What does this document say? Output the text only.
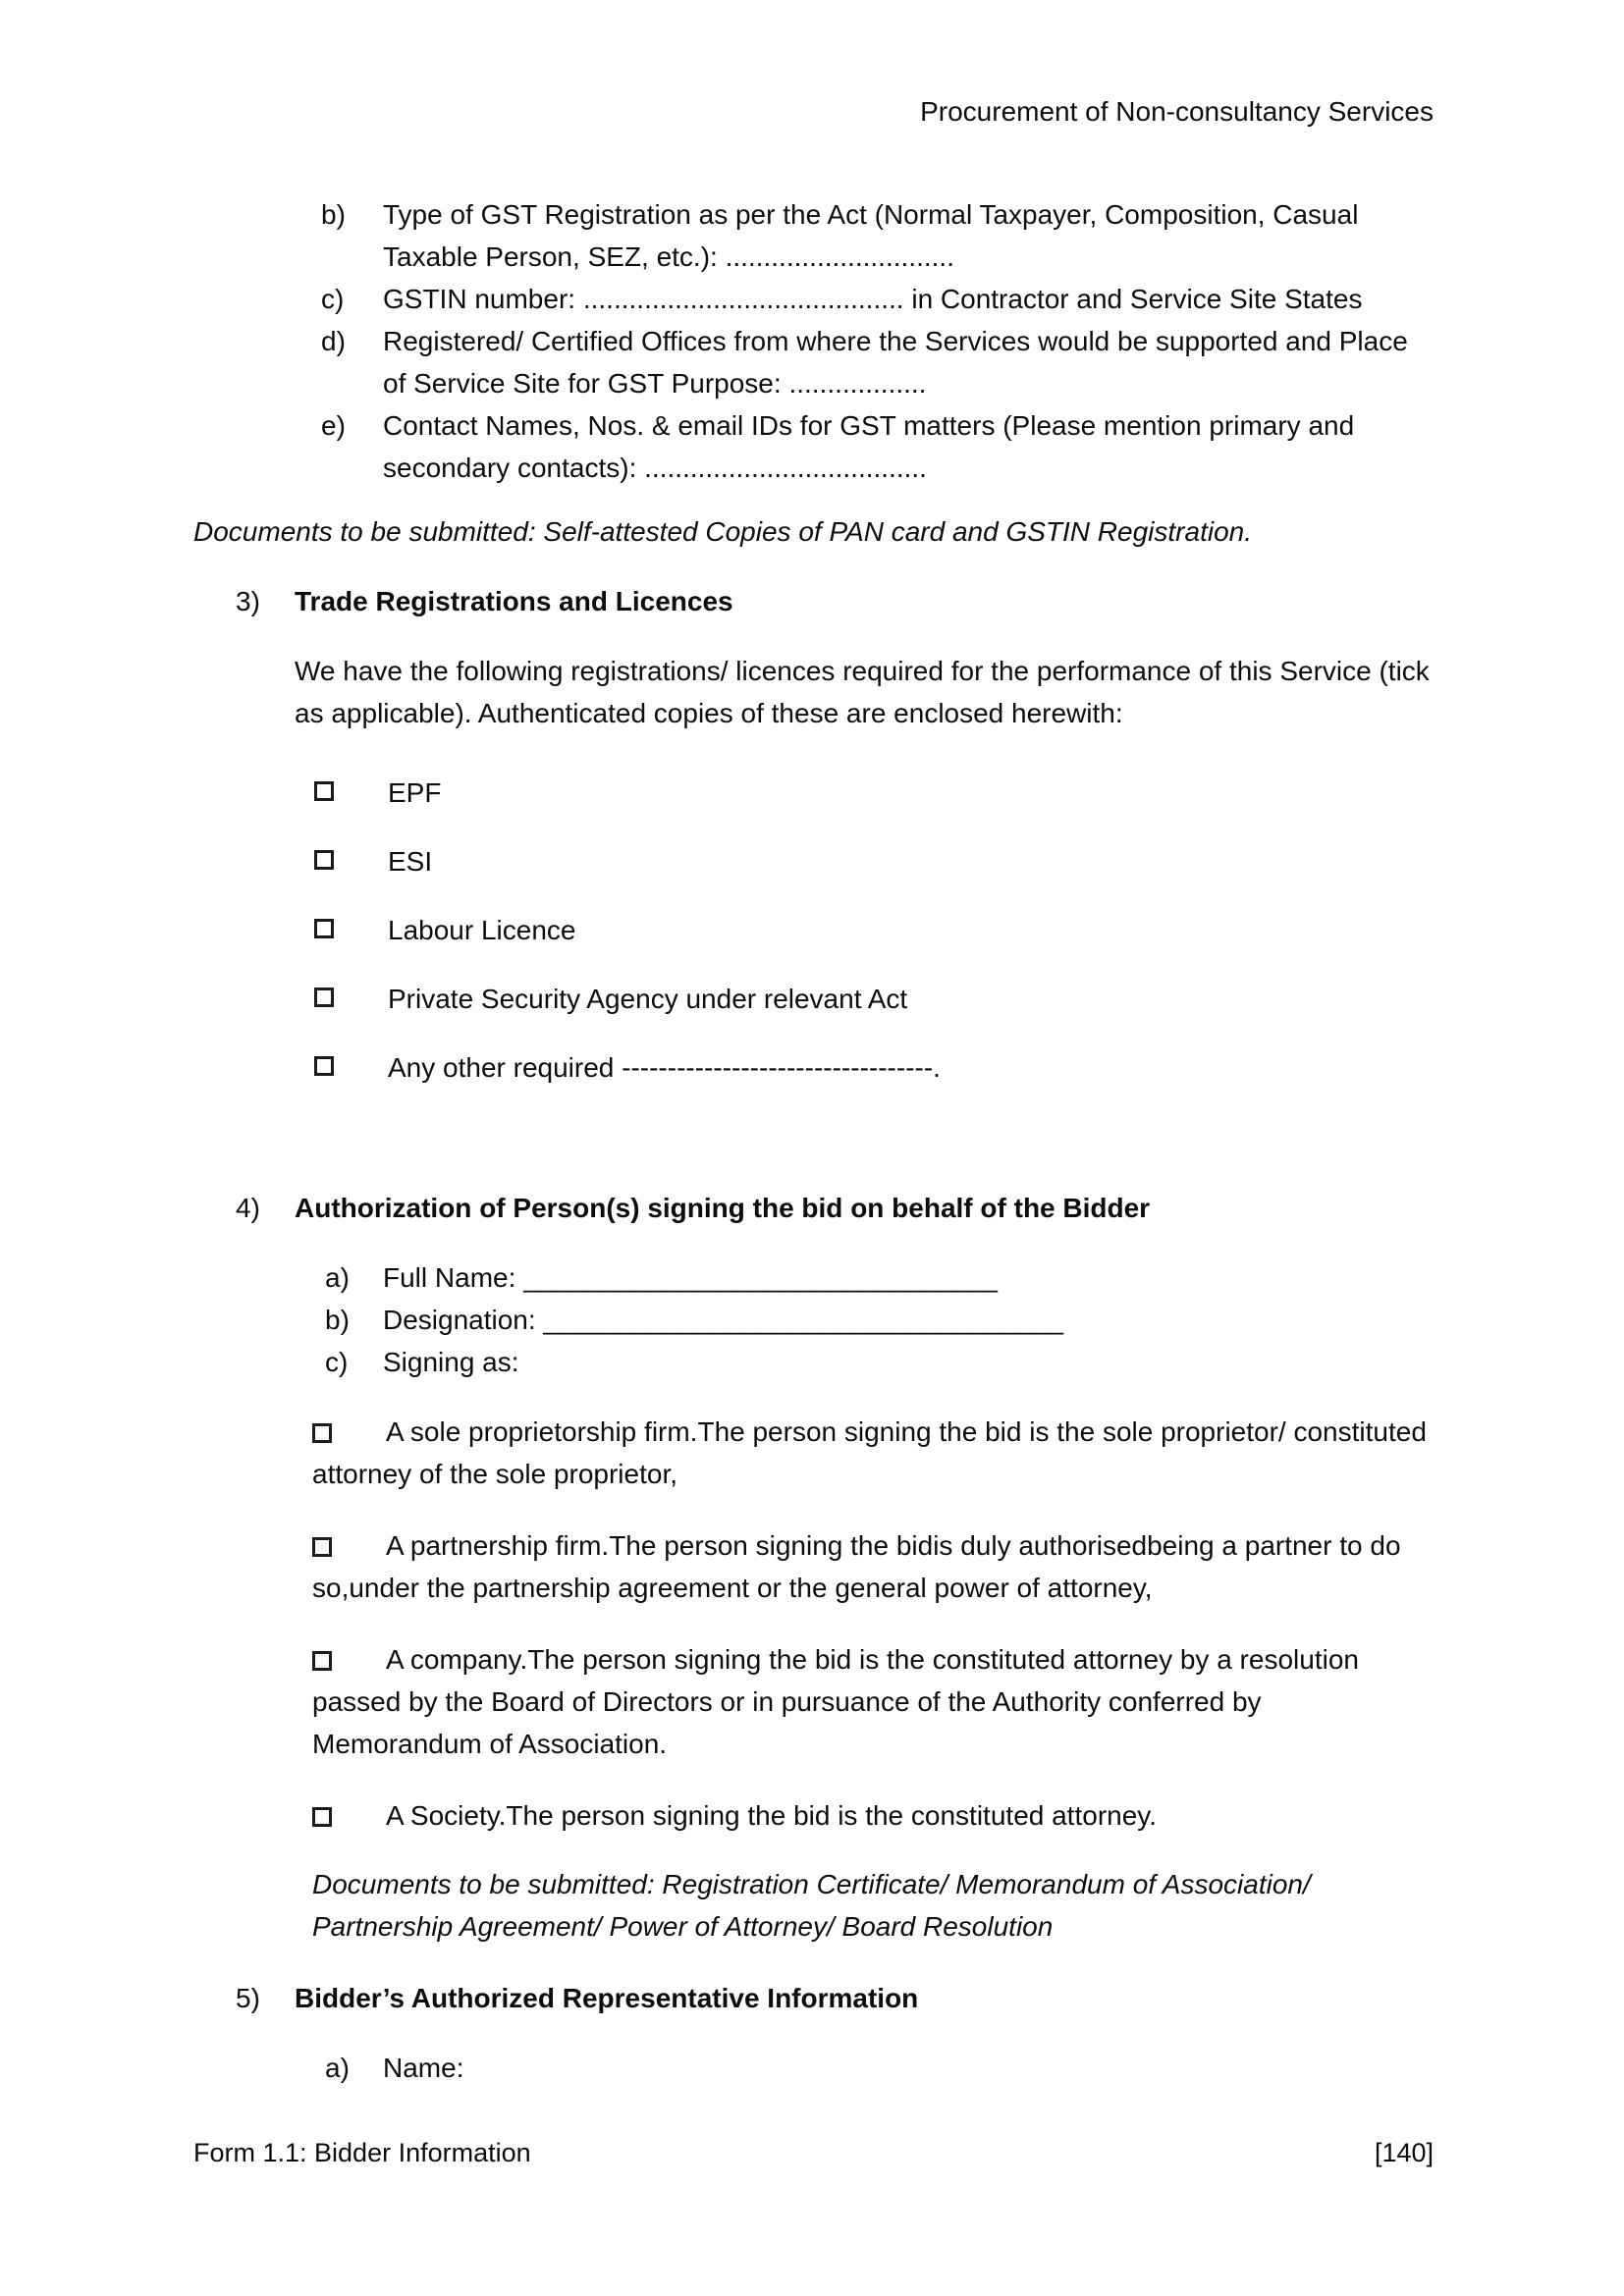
Procurement of Non-consultancy Services
b)	Type of GST Registration as per the Act (Normal Taxpayer, Composition, Casual Taxable Person, SEZ, etc.): ..............................
c)	GSTIN number: .......................................... in Contractor and Service Site States
d)	Registered/ Certified Offices from where the Services would be supported and Place of Service Site for GST Purpose: ..................
e)	Contact Names, Nos. & email IDs for GST matters (Please mention primary and secondary contacts): .....................................
Documents to be submitted: Self-attested Copies of PAN card and GSTIN Registration.
3)	Trade Registrations and Licences
We have the following registrations/ licences required for the performance of this Service (tick as applicable). Authenticated copies of these are enclosed herewith:
EPF
ESI
Labour Licence
Private Security Agency under relevant Act
Any other required ----------------------------------.
4)	Authorization of Person(s) signing the bid on behalf of the Bidder
a)	Full Name: _______________________________
b)	Designation: __________________________________
c)	Signing as:

A sole proprietorship firm.The person signing the bid is the sole proprietor/ constituted attorney of the sole proprietor,

A partnership firm.The person signing the bidis duly authorisedbeing a partner to do so,under the partnership agreement or the general power of attorney,

A company.The person signing the bid is the constituted attorney by a resolution passed by the Board of Directors or in pursuance of the Authority conferred by Memorandum of Association.

A Society.The person signing the bid is the constituted attorney.

Documents to be submitted: Registration Certificate/ Memorandum of Association/ Partnership Agreement/ Power of Attorney/ Board Resolution
5)	Bidder’s Authorized Representative Information
a)	Name:
Form 1.1: Bidder Information	[140]
